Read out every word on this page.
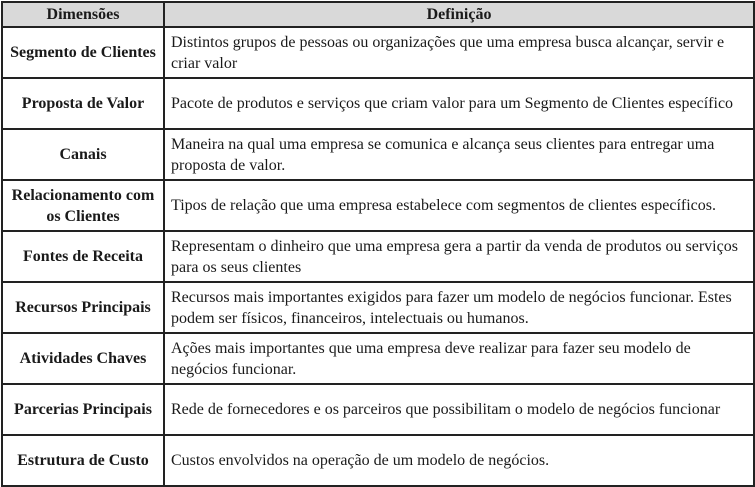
Dimensões	Definição
Segmento de Clientes	Distintos grupos de pessoas ou organizações que uma empresa busca alcançar, servir e criar valor
Proposta de Valor	Pacote de produtos e serviços que criam valor para um Segmento de Clientes específico
Canais	Maneira na qual uma empresa se comunica e alcança seus clientes para entregar uma proposta de valor.
Relacionamento com os Clientes	Tipos de relação que uma empresa estabelece com segmentos de clientes específicos.
Fontes de Receita	Representam o dinheiro que uma empresa gera a partir da venda de produtos ou serviços para os seus clientes
Recursos Principais	Recursos mais importantes exigidos para fazer um modelo de negócios funcionar. Estes podem ser físicos, financeiros, intelectuais ou humanos.
Atividades Chaves	Ações mais importantes que uma empresa deve realizar para fazer seu modelo de negócios funcionar.
Parcerias Principais	Rede de fornecedores e os parceiros que possibilitam o modelo de negócios funcionar
Estrutura de Custo	Custos envolvidos na operação de um modelo de negócios.
